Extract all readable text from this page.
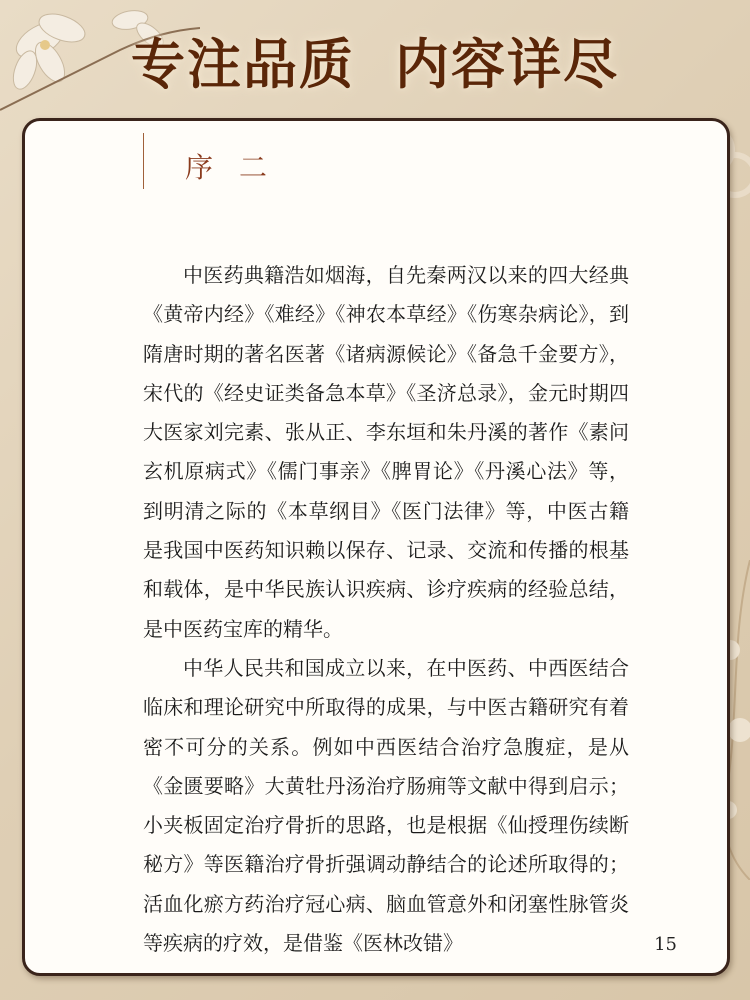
专注品质 内容详尽
序二

中医药典籍浩如烟海，自先秦两汉以来的四大经典《黄帝内经》《难经》《神农本草经》《伤寒杂病论》，到隋唐时期的著名医著《诸病源候论》《备急千金要方》，宋代的《经史证类备急本草》《圣济总录》，金元时期四大医家刘完素、张从正、李东垣和朱丹溪的著作《素问玄机原病式》《儒门事亲》《脾胃论》《丹溪心法》等，到明清之际的《本草纲目》《医门法律》等，中医古籍是我国中医药知识赖以保存、记录、交流和传播的根基和载体，是中华民族认识疾病、诊疗疾病的经验总结，是中医药宝库的精华。

中华人民共和国成立以来，在中医药、中西医结合临床和理论研究中所取得的成果，与中医古籍研究有着密不可分的关系。例如中西医结合治疗急腹症，是从《金匮要略》大黄牡丹汤治疗肠痈等文献中得到启示；小夹板固定治疗骨折的思路，也是根据《仙授理伤续断秘方》等医籍治疗骨折强调动静结合的论述所取得的；活血化瘀方药治疗冠心病、脑血管意外和闭塞性脉管炎等疾病的疗效，是借鉴《医林改错》	15
